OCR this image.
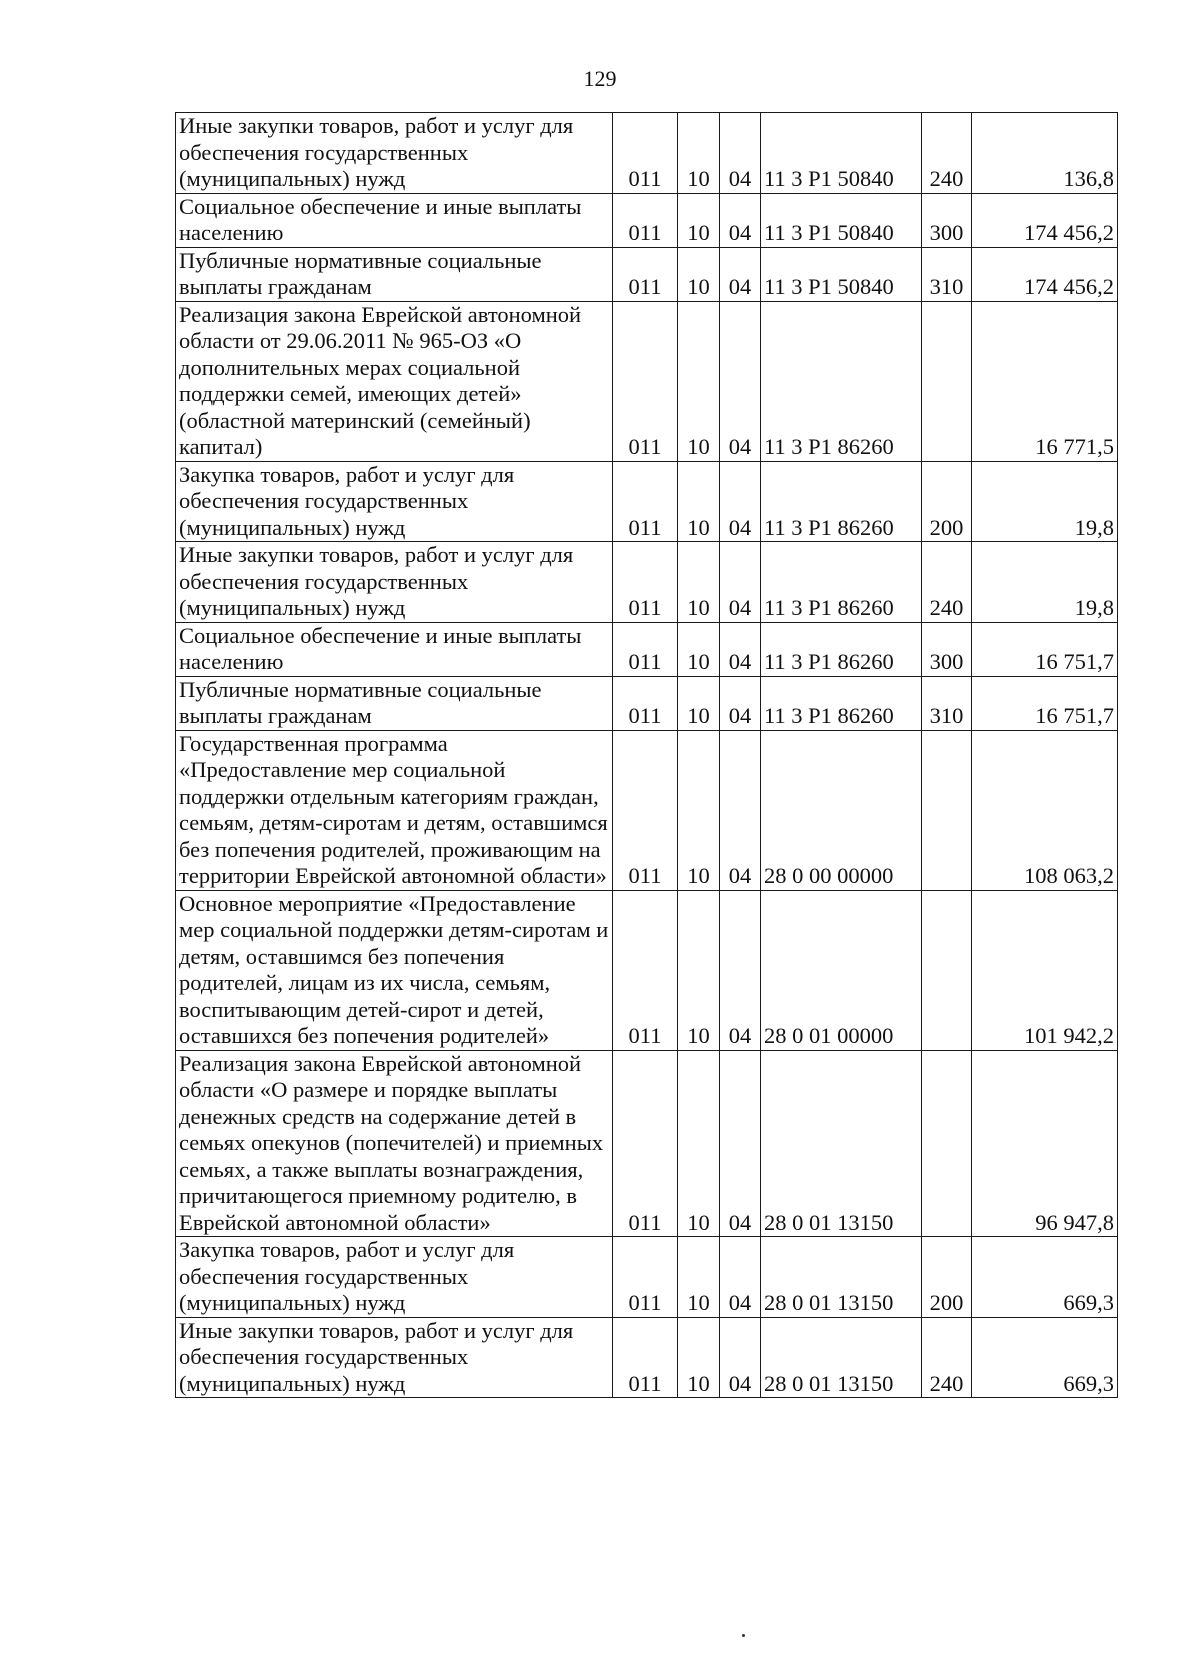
129
Иные закупки товаров, работ и услуг для обеспечения государственных (муниципальных) нужд	011	10	04	11 3 P1 50840	240	136,8
Социальное обеспечение и иные выплаты населению	011	10	04	11 3 P1 50840	300	174 456,2
Публичные нормативные социальные выплаты гражданам	011	10	04	11 3 P1 50840	310	174 456,2
Реализация закона Еврейской автономной области от 29.06.2011 № 965-ОЗ «О дополнительных мерах социальной поддержки семей, имеющих детей» (областной материнский (семейный) капитал)	011	10	04	11 3 P1 86260		16 771,5
Закупка товаров, работ и услуг для обеспечения государственных (муниципальных) нужд	011	10	04	11 3 P1 86260	200	19,8
Иные закупки товаров, работ и услуг для обеспечения государственных (муниципальных) нужд	011	10	04	11 3 P1 86260	240	19,8
Социальное обеспечение и иные выплаты населению	011	10	04	11 3 P1 86260	300	16 751,7
Публичные нормативные социальные выплаты гражданам	011	10	04	11 3 P1 86260	310	16 751,7
Государственная программа «Предоставление мер социальной поддержки отдельным категориям граждан, семьям, детям-сиротам и детям, оставшимся без попечения родителей, проживающим на территории Еврейской автономной области»	011	10	04	28 0 00 00000		108 063,2
Основное мероприятие «Предоставление мер социальной поддержки детям-сиротам и детям, оставшимся без попечения родителей, лицам из их числа, семьям, воспитывающим детей-сирот и детей, оставшихся без попечения родителей»	011	10	04	28 0 01 00000		101 942,2
Реализация закона Еврейской автономной области «О размере и порядке выплаты денежных средств на содержание детей в семьях опекунов (попечителей) и приемных семьях, а также выплаты вознаграждения, причитающегося приемному родителю, в Еврейской автономной области»	011	10	04	28 0 01 13150		96 947,8
Закупка товаров, работ и услуг для обеспечения государственных (муниципальных) нужд	011	10	04	28 0 01 13150	200	669,3
Иные закупки товаров, работ и услуг для обеспечения государственных (муниципальных) нужд	011	10	04	28 0 01 13150	240	669,3
